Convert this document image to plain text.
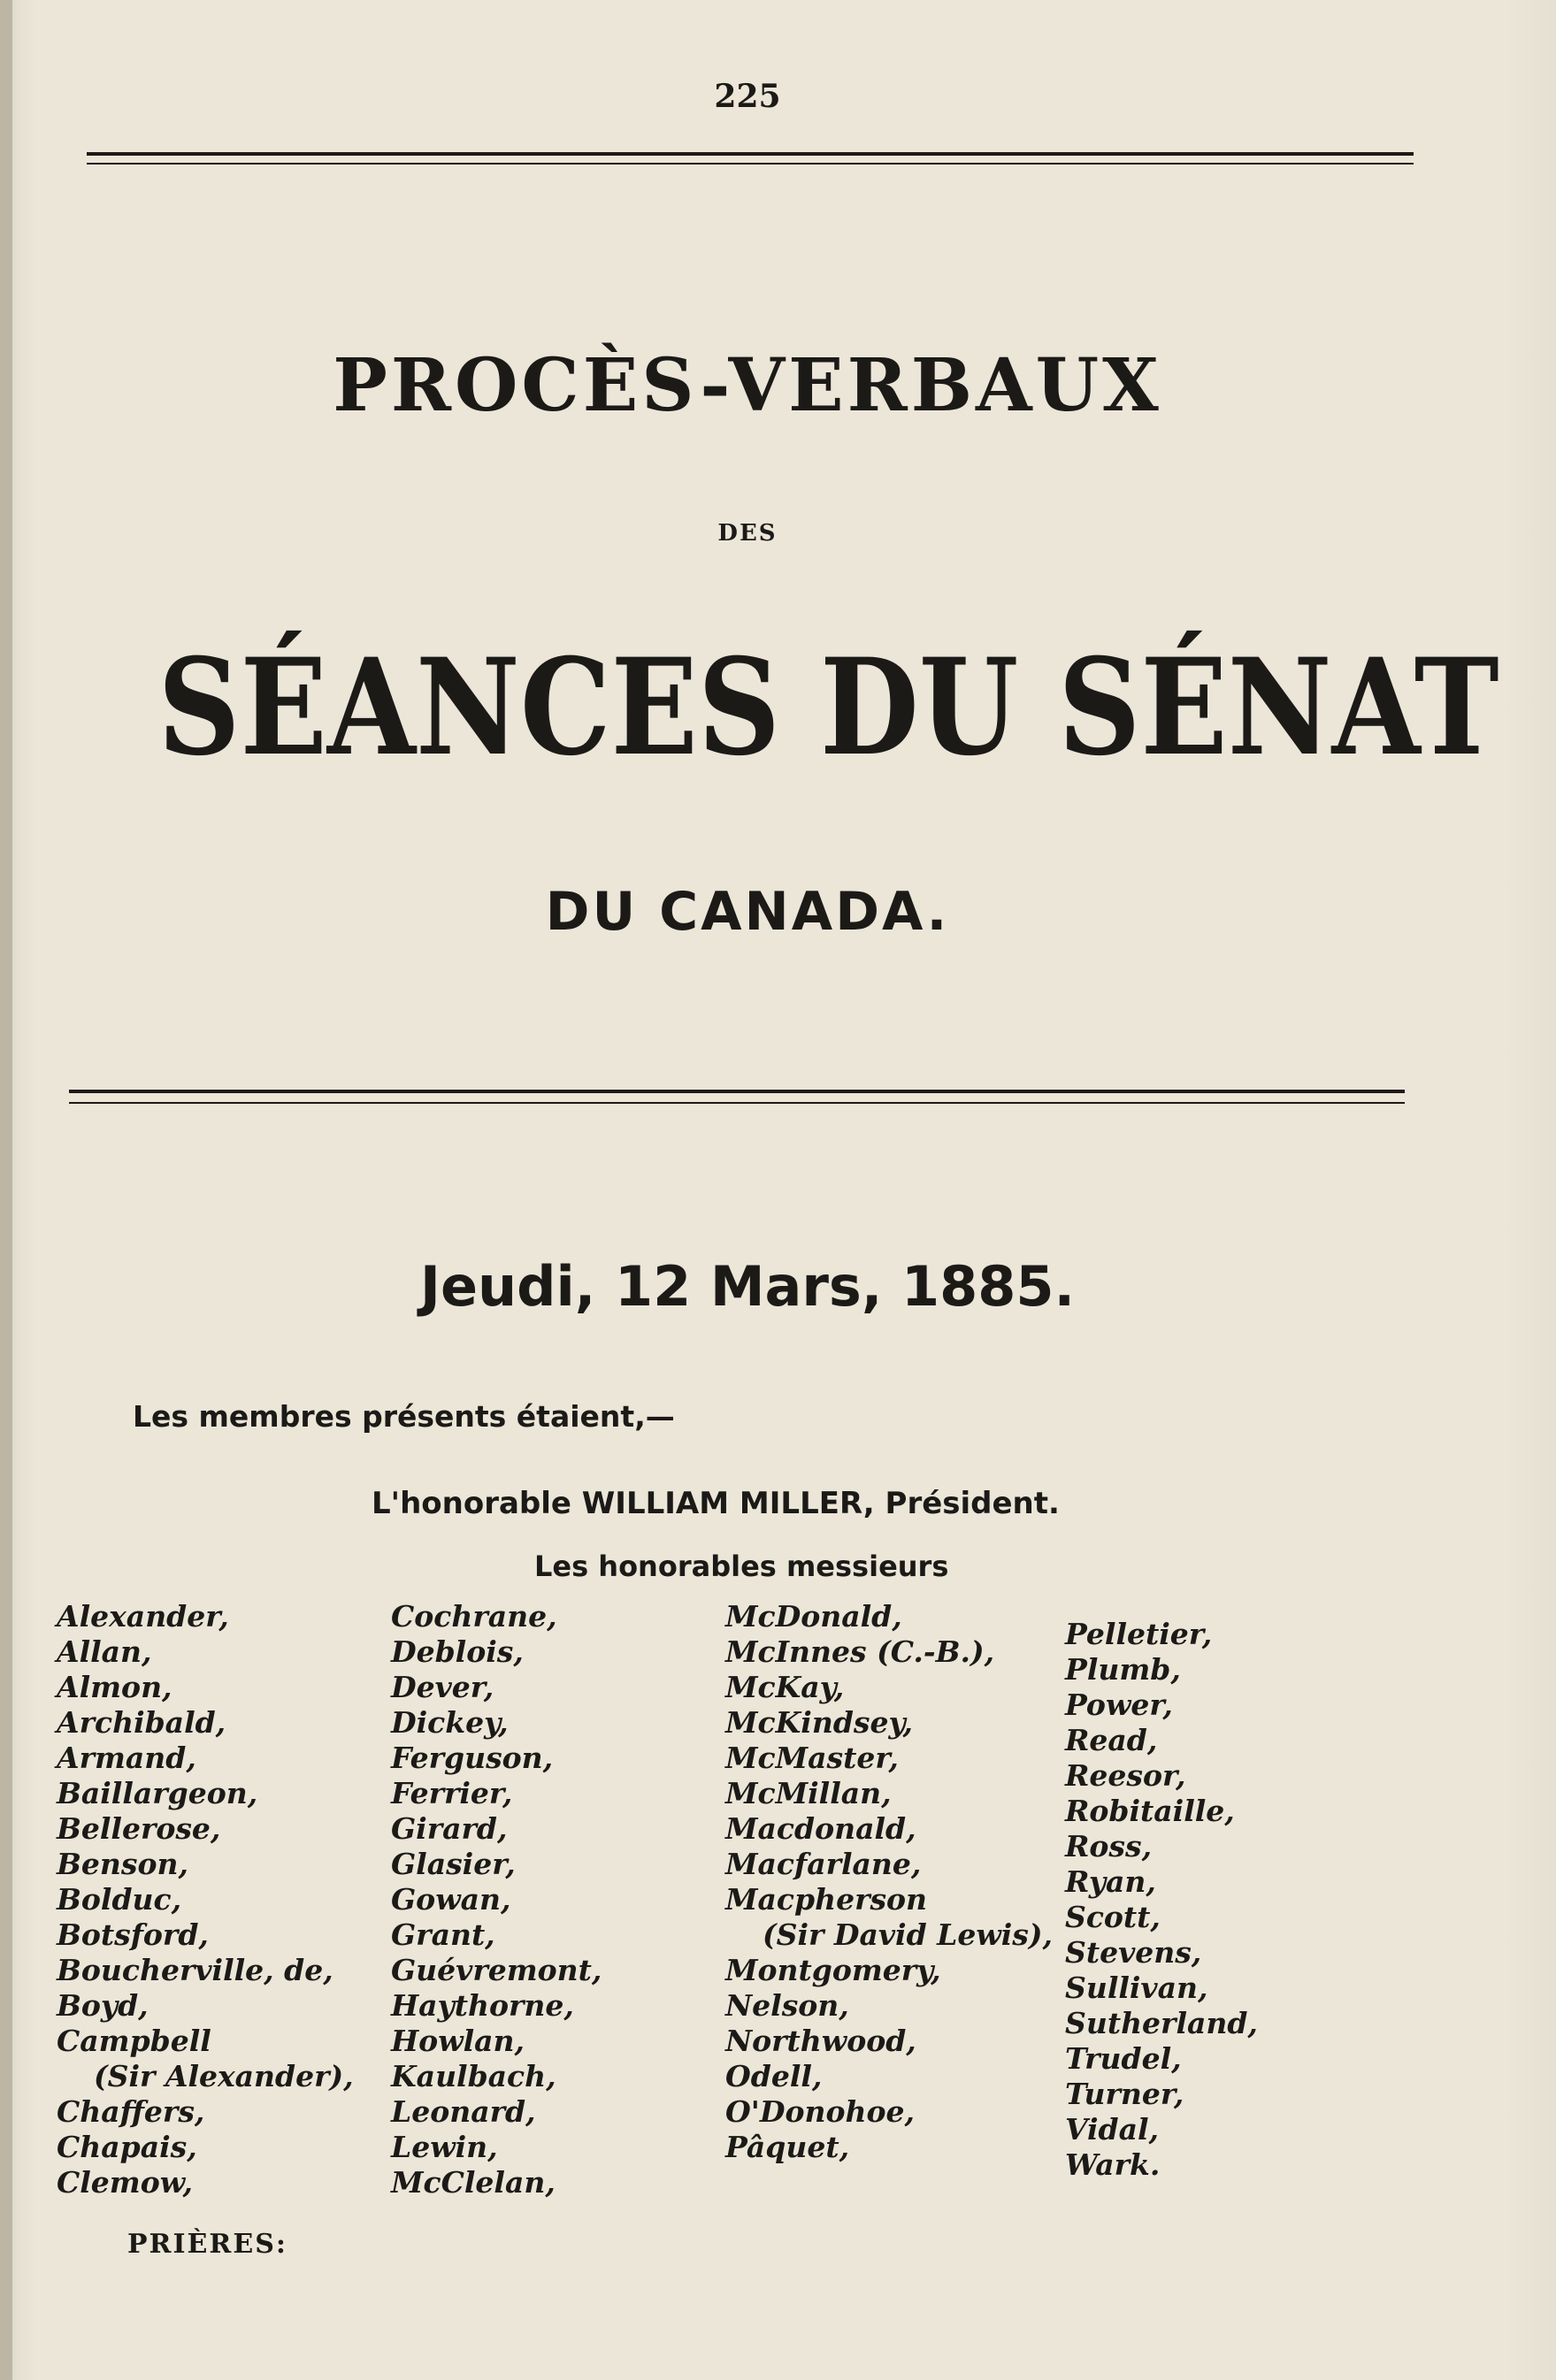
225
PROCÈS-VERBAUX
DES
SÉANCES DU SÉNAT
DU CANADA.
Jeudi, 12 Mars, 1885.
Les membres présents étaient,—
L'honorable WILLIAM MILLER, Président.
Les honorables messieurs
Alexander,
Allan,
Almon,
Archibald,
Armand,
Baillargeon,
Bellerose,
Benson,
Bolduc,
Botsford,
Boucherville, de,
Boyd,
Campbell
(Sir Alexander),
Chaffers,
Chapais,
Clemow,
Cochrane,
Deblois,
Dever,
Dickey,
Ferguson,
Ferrier,
Girard,
Glasier,
Gowan,
Grant,
Guévremont,
Haythorne,
Howlan,
Kaulbach,
Leonard,
Lewin,
McClelan,
McDonald,
McInnes (C.-B.),
McKay,
McKindsey,
McMaster,
McMillan,
Macdonald,
Macfarlane,
Macpherson
(Sir David Lewis),
Montgomery,
Nelson,
Northwood,
Odell,
O'Donohoe,
Pâquet,
Pelletier,
Plumb,
Power,
Read,
Reesor,
Robitaille,
Ross,
Ryan,
Scott,
Stevens,
Sullivan,
Sutherland,
Trudel,
Turner,
Vidal,
Wark.
PRIÈRES:
